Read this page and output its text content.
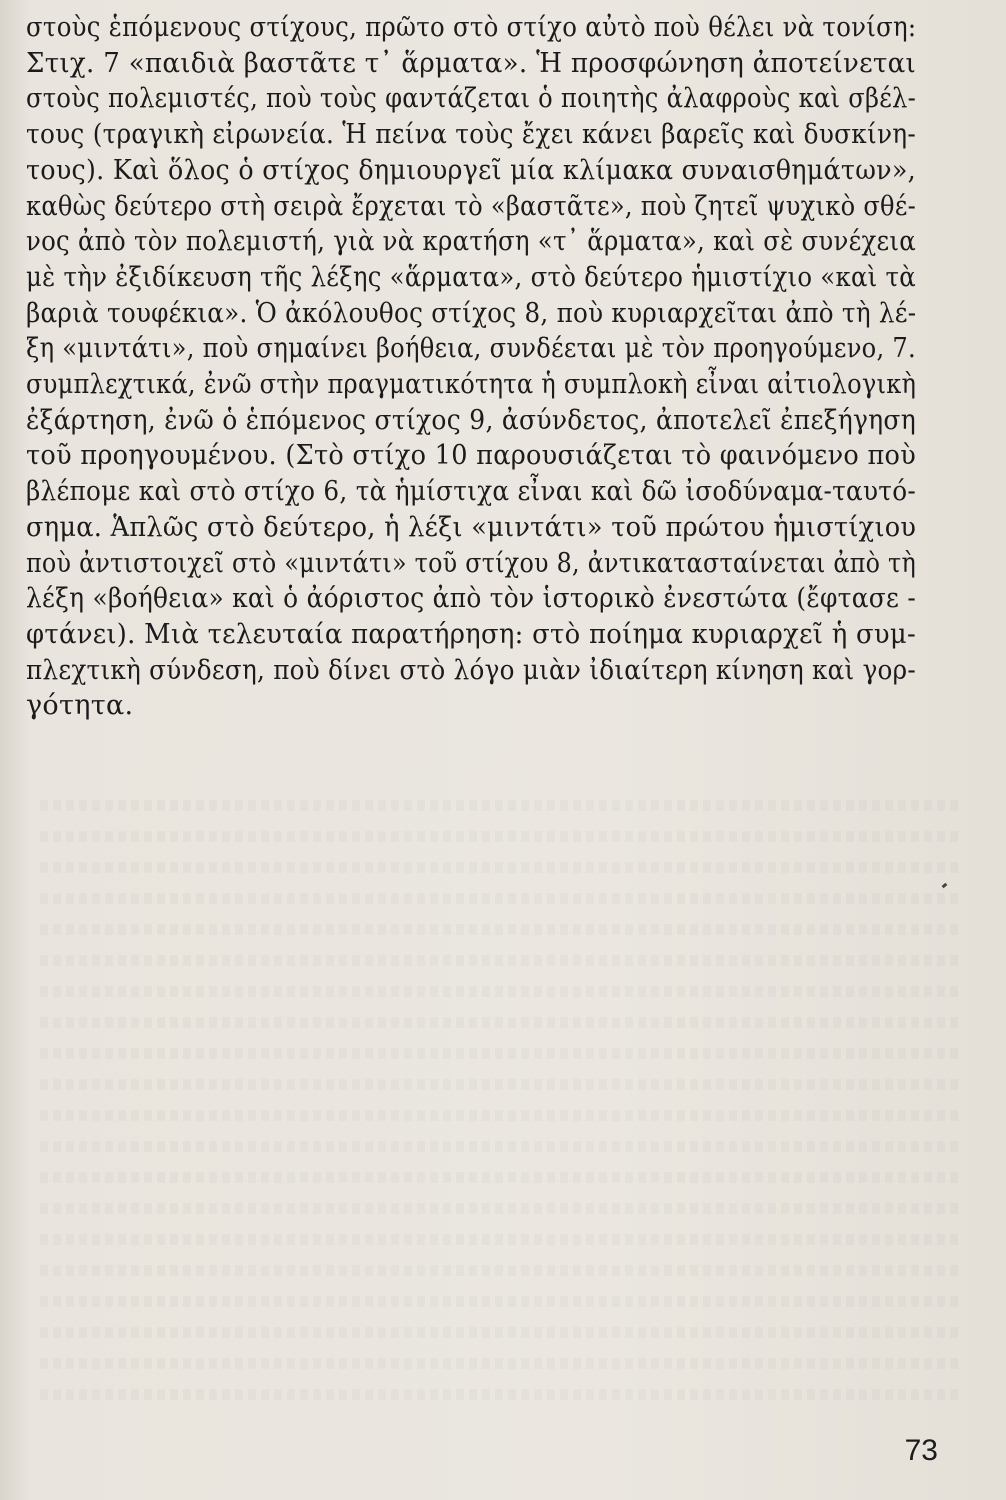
στοὺς ἑπόμενους στίχους, πρῶτο στὸ στίχο αὐτὸ ποὺ θέλει νὰ τονίση:
Στιχ. 7 «παιδιὰ βαστᾶτε τ᾽ ἅρματα». Ἡ προσφώνηση ἀποτείνεται
στοὺς πολεμιστές, ποὺ τοὺς φαντάζεται ὁ ποιητὴς ἀλαφροὺς καὶ σβέλ-
τους (τραγικὴ εἰρωνεία. Ἡ πείνα τοὺς ἔχει κάνει βαρεῖς καὶ δυσκίνη-
τους). Καὶ ὅλος ὁ στίχος δημιουργεῖ μία κλίμακα συναισθημάτων»,
καθὼς δεύτερο στὴ σειρὰ ἔρχεται τὸ «βαστᾶτε», ποὺ ζητεῖ ψυχικὸ σθέ-
νος ἀπὸ τὸν πολεμιστή, γιὰ νὰ κρατήση «τ᾽ ἅρματα», καὶ σὲ συνέχεια
μὲ τὴν ἐξιδίκευση τῆς λέξης «ἅρματα», στὸ δεύτερο ἡμιστίχιο «καὶ τὰ
βαριὰ τουφέκια». Ὁ ἀκόλουθος στίχος 8, ποὺ κυριαρχεῖται ἀπὸ τὴ λέ-
ξη «μιντάτι», ποὺ σημαίνει βοήθεια, συνδέεται μὲ τὸν προηγούμενο, 7.
συμπλεχτικά, ἐνῶ στὴν πραγματικότητα ἡ συμπλοκὴ εἶναι αἰτιολογικὴ
ἐξάρτηση, ἐνῶ ὁ ἑπόμενος στίχος 9, ἀσύνδετος, ἀποτελεῖ ἐπεξήγηση
τοῦ προηγουμένου. (Στὸ στίχο 10 παρουσιάζεται τὸ φαινόμενο ποὺ
βλέπομε καὶ στὸ στίχο 6, τὰ ἡμίστιχα εἶναι καὶ δῶ ἰσοδύναμα-ταυτό-
σημα. Ἁπλῶς στὸ δεύτερο, ἡ λέξι «μιντάτι» τοῦ πρώτου ἡμιστίχιου
ποὺ ἀντιστοιχεῖ στὸ «μιντάτι» τοῦ στίχου 8, ἀντικατασταίνεται ἀπὸ τὴ
λέξη «βοήθεια» καὶ ὁ ἀόριστος ἀπὸ τὸν ἱστορικὸ ἐνεστώτα (ἔφτασε -
φτάνει). Μιὰ τελευταία παρατήρηση: στὸ ποίημα κυριαρχεῖ ἡ συμ-
πλεχτικὴ σύνδεση, ποὺ δίνει στὸ λόγο μιὰν ἰδιαίτερη κίνηση καὶ γορ-
γότητα.
73
